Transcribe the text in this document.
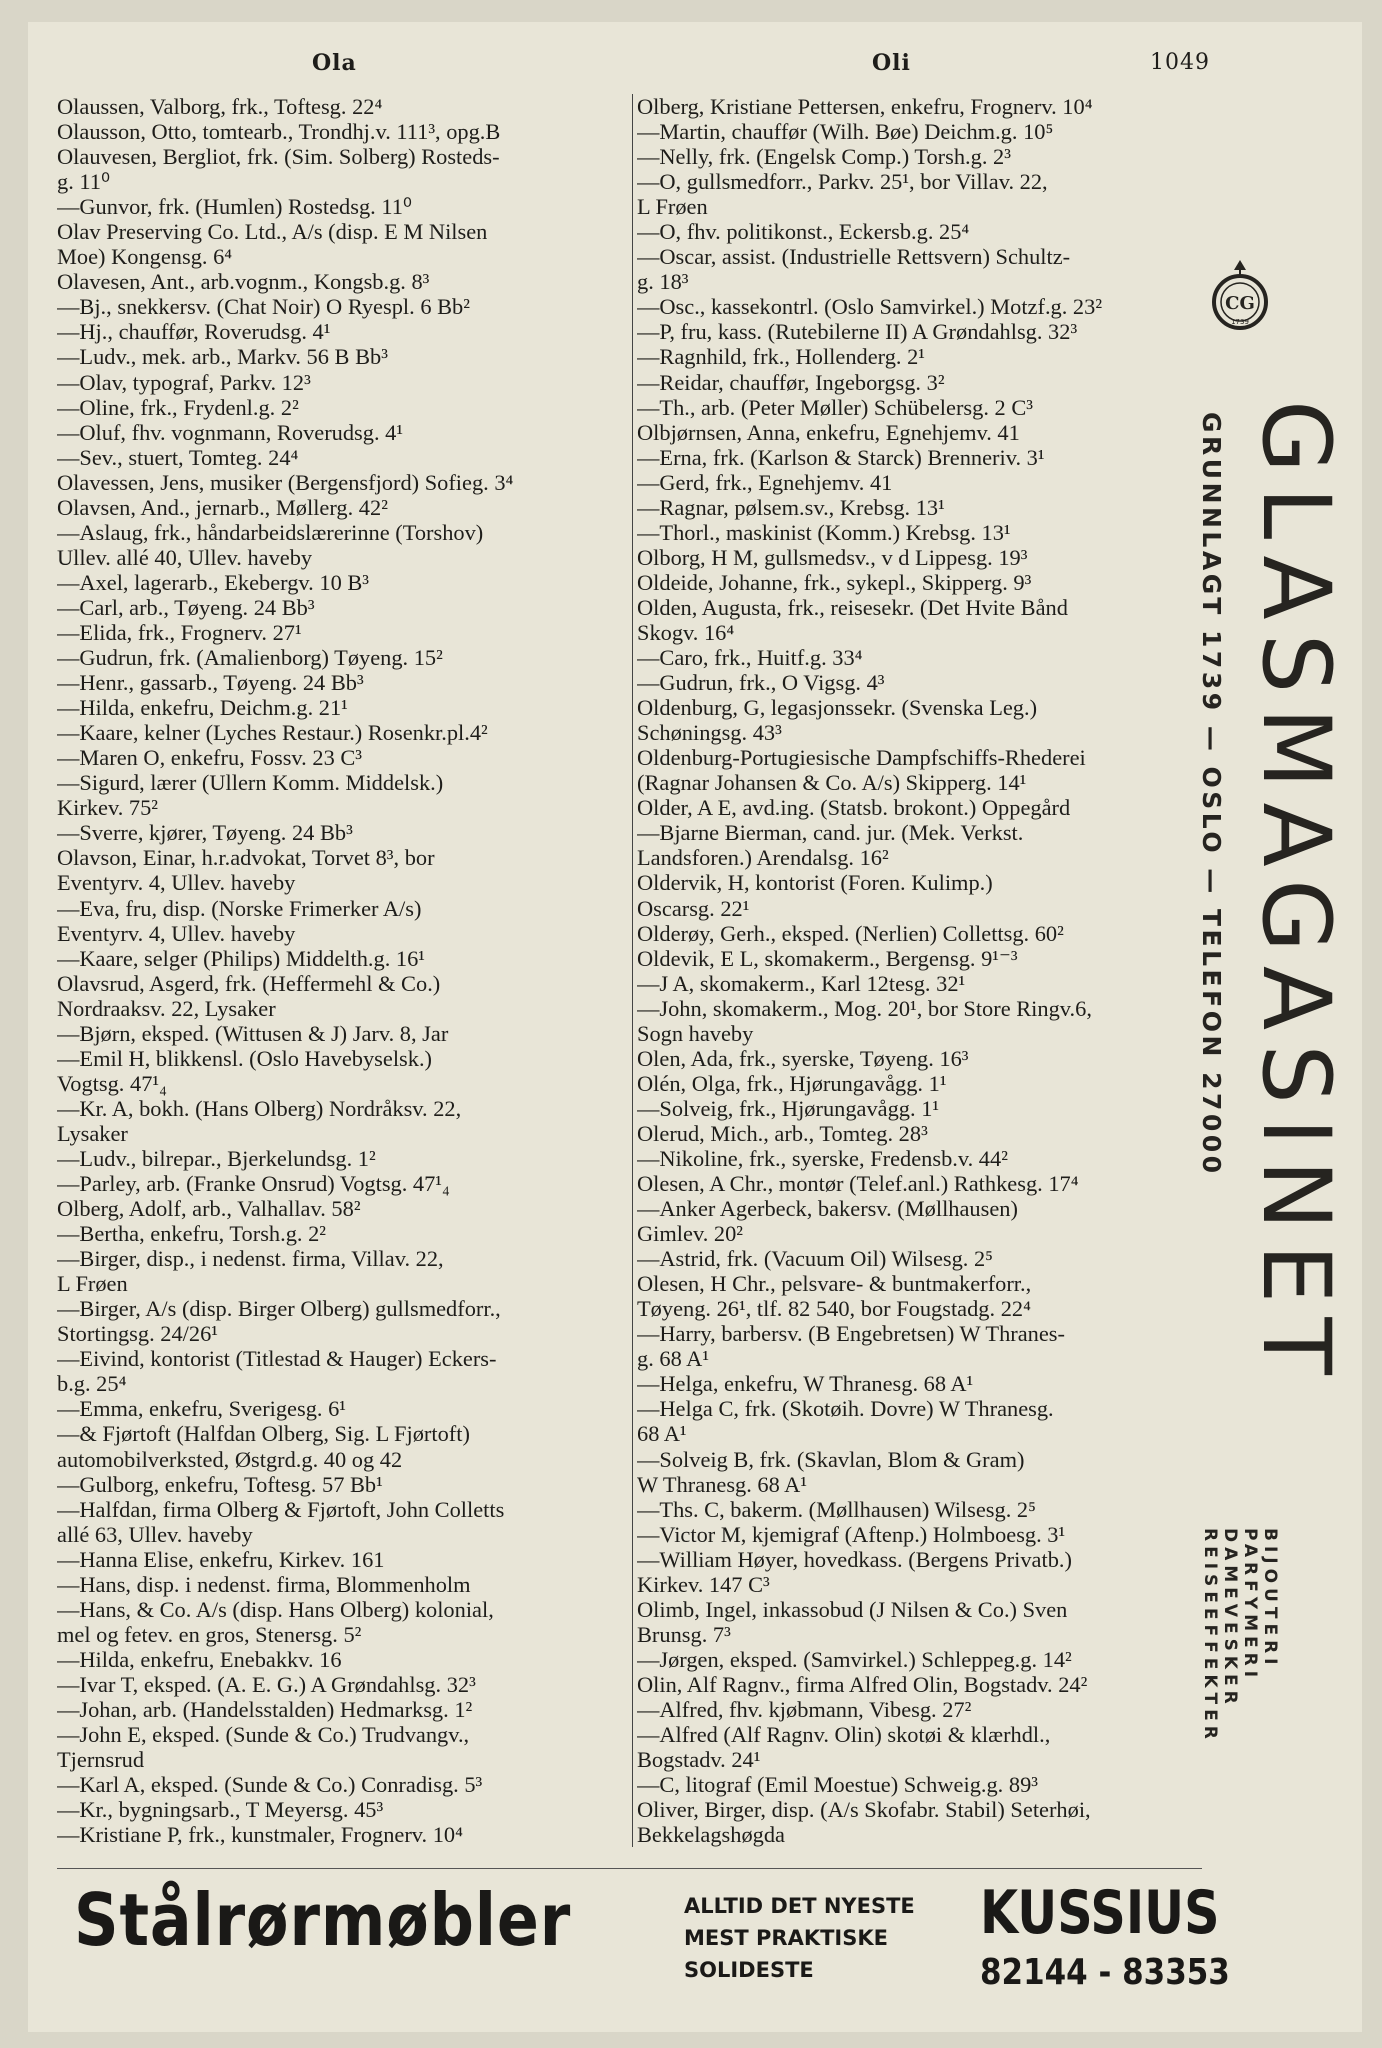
Ola	Oli	1049
Olaussen, Valborg, frk., Toftesg. 22⁴
Olausson, Otto, tomtearb., Trondhj.v. 111³, opg.B
Olauvesen, Bergliot, frk. (Sim. Solberg) Rosteds-
g. 11⁰
—Gunvor, frk. (Humlen) Rostedsg. 11⁰
Olav Preserving Co. Ltd., A/s (disp. E M Nilsen
Moe) Kongensg. 6⁴
Olavesen, Ant., arb.vognm., Kongsb.g. 8³
—Bj., snekkersv. (Chat Noir) O Ryespl. 6 Bb²
—Hj., chauffør, Roverudsg. 4¹
—Ludv., mek. arb., Markv. 56 B Bb³
—Olav, typograf, Parkv. 12³
—Oline, frk., Frydenl.g. 2²
—Oluf, fhv. vognmann, Roverudsg. 4¹
—Sev., stuert, Tomteg. 24⁴
Olavessen, Jens, musiker (Bergensfjord) Sofieg. 3⁴
Olavsen, And., jernarb., Møllerg. 42²
—Aslaug, frk., håndarbeidslærerinne (Torshov)
Ullev. allé 40, Ullev. haveby
—Axel, lagerarb., Ekebergv. 10 B³
—Carl, arb., Tøyeng. 24 Bb³
—Elida, frk., Frognerv. 27¹
—Gudrun, frk. (Amalienborg) Tøyeng. 15²
—Henr., gassarb., Tøyeng. 24 Bb³
—Hilda, enkefru, Deichm.g. 21¹
—Kaare, kelner (Lyches Restaur.) Rosenkr.pl.4²
—Maren O, enkefru, Fossv. 23 C³
—Sigurd, lærer (Ullern Komm. Middelsk.)
Kirkev. 75²
—Sverre, kjører, Tøyeng. 24 Bb³
Olavson, Einar, h.r.advokat, Torvet 8³, bor
Eventyrv. 4, Ullev. haveby
—Eva, fru, disp. (Norske Frimerker A/s)
Eventyrv. 4, Ullev. haveby
—Kaare, selger (Philips) Middelth.g. 16¹
Olavsrud, Asgerd, frk. (Heffermehl & Co.)
Nordraaksv. 22, Lysaker
—Bjørn, eksped. (Wittusen & J) Jarv. 8, Jar
—Emil H, blikkensl. (Oslo Havebyselsk.)
Vogtsg. 47¹₄
—Kr. A, bokh. (Hans Olberg) Nordråksv. 22,
Lysaker
—Ludv., bilrepar., Bjerkelundsg. 1²
—Parley, arb. (Franke Onsrud) Vogtsg. 47¹₄
Olberg, Adolf, arb., Valhallav. 58²
—Bertha, enkefru, Torsh.g. 2²
—Birger, disp., i nedenst. firma, Villav. 22,
L Frøen
—Birger, A/s (disp. Birger Olberg) gullsmedforr.,
Stortingsg. 24/26¹
—Eivind, kontorist (Titlestad & Hauger) Eckers-
b.g. 25⁴
—Emma, enkefru, Sverigesg. 6¹
—& Fjørtoft (Halfdan Olberg, Sig. L Fjørtoft)
automobilverksted, Østgrd.g. 40 og 42
—Gulborg, enkefru, Toftesg. 57 Bb¹
—Halfdan, firma Olberg & Fjørtoft, John Colletts
allé 63, Ullev. haveby
—Hanna Elise, enkefru, Kirkev. 161
—Hans, disp. i nedenst. firma, Blommenholm
—Hans, & Co. A/s (disp. Hans Olberg) kolonial,
mel og fetev. en gros, Stenersg. 5²
—Hilda, enkefru, Enebakkv. 16
—Ivar T, eksped. (A. E. G.) A Grøndahlsg. 32³
—Johan, arb. (Handelsstalden) Hedmarksg. 1²
—John E, eksped. (Sunde & Co.) Trudvangv.,
Tjernsrud
—Karl A, eksped. (Sunde & Co.) Conradisg. 5³
—Kr., bygningsarb., T Meyersg. 45³
—Kristiane P, frk., kunstmaler, Frognerv. 10⁴
Olberg, Kristiane Pettersen, enkefru, Frognerv. 10⁴
—Martin, chauffør (Wilh. Bøe) Deichm.g. 10⁵
—Nelly, frk. (Engelsk Comp.) Torsh.g. 2³
—O, gullsmedforr., Parkv. 25¹, bor Villav. 22,
L Frøen
—O, fhv. politikonst., Eckersb.g. 25⁴
—Oscar, assist. (Industrielle Rettsvern) Schultz-
g. 18³
—Osc., kassekontrl. (Oslo Samvirkel.) Motzf.g. 23²
—P, fru, kass. (Rutebilerne II) A Grøndahlsg. 32³
—Ragnhild, frk., Hollenderg. 2¹
—Reidar, chauffør, Ingeborgsg. 3²
—Th., arb. (Peter Møller) Schübelersg. 2 C³
Olbjørnsen, Anna, enkefru, Egnehjemv. 41
—Erna, frk. (Karlson & Starck) Brenneriv. 3¹
—Gerd, frk., Egnehjemv. 41
—Ragnar, pølsem.sv., Krebsg. 13¹
—Thorl., maskinist (Komm.) Krebsg. 13¹
Olborg, H M, gullsmedsv., v d Lippesg. 19³
Oldeide, Johanne, frk., sykepl., Skipperg. 9³
Olden, Augusta, frk., reisesekr. (Det Hvite Bånd
Skogv. 16⁴
—Caro, frk., Huitf.g. 33⁴
—Gudrun, frk., O Vigsg. 4³
Oldenburg, G, legasjonssekr. (Svenska Leg.)
Schøningsg. 43³
Oldenburg-Portugiesische Dampfschiffs-Rhederei
(Ragnar Johansen & Co. A/s) Skipperg. 14¹
Older, A E, avd.ing. (Statsb. brokont.) Oppegård
—Bjarne Bierman, cand. jur. (Mek. Verkst.
Landsforen.) Arendalsg. 16²
Oldervik, H, kontorist (Foren. Kulimp.)
Oscarsg. 22¹
Olderøy, Gerh., eksped. (Nerlien) Collettsg. 60²
Oldevik, E L, skomakerm., Bergensg. 9¹⁻³
—J A, skomakerm., Karl 12tesg. 32¹
—John, skomakerm., Mog. 20¹, bor Store Ringv.6,
Sogn haveby
Olen, Ada, frk., syerske, Tøyeng. 16³
Olén, Olga, frk., Hjørungavågg. 1¹
—Solveig, frk., Hjørungavågg. 1¹
Olerud, Mich., arb., Tomteg. 28³
—Nikoline, frk., syerske, Fredensb.v. 44²
Olesen, A Chr., montør (Telef.anl.) Rathkesg. 17⁴
—Anker Agerbeck, bakersv. (Møllhausen)
Gimlev. 20²
—Astrid, frk. (Vacuum Oil) Wilsesg. 2⁵
Olesen, H Chr., pelsvare- & buntmakerforr.,
Tøyeng. 26¹, tlf. 82 540, bor Fougstadg. 22⁴
—Harry, barbersv. (B Engebretsen) W Thranes-
g. 68 A¹
—Helga, enkefru, W Thranesg. 68 A¹
—Helga C, frk. (Skotøih. Dovre) W Thranesg.
68 A¹
—Solveig B, frk. (Skavlan, Blom & Gram)
W Thranesg. 68 A¹
—Ths. C, bakerm. (Møllhausen) Wilsesg. 2⁵
—Victor M, kjemigraf (Aftenp.) Holmboesg. 3¹
—William Høyer, hovedkass. (Bergens Privatb.)
Kirkev. 147 C³
Olimb, Ingel, inkassobud (J Nilsen & Co.) Sven
Brunsg. 7³
—Jørgen, eksped. (Samvirkel.) Schleppeg.g. 14²
Olin, Alf Ragnv., firma Alfred Olin, Bogstadv. 24²
—Alfred, fhv. kjøbmann, Vibesg. 27²
—Alfred (Alf Ragnv. Olin) skotøi & klærhdl.,
Bogstadv. 24¹
—C, litograf (Emil Moestue) Schweig.g. 89³
Oliver, Birger, disp. (A/s Skofabr. Stabil) Seterhøi,
Bekkelagshøgda
CG
1739
GLASMAGASINET
GRUNNLAGT 1739 — OSLO — TELEFON 27000
BIJOUTERI
PARFYMERI
DAMEVESKER
REISEEFFEKTER
Stålrørmøbler	ALLTID DET NYESTE
MEST PRAKTISKE
SOLIDESTE
KUSSIUS
82144 - 83353
